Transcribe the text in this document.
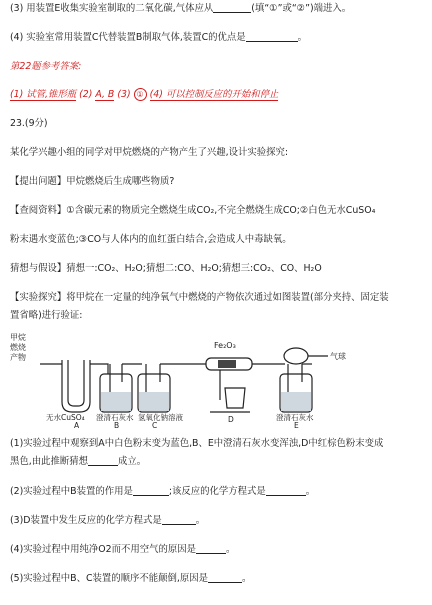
(3) 用装置E收集实验室制取的二氧化碳,气体应从	(填“①”或“②”)端进入。
(4) 实验室常用装置C代替装置B制取气体,装置C的优点是	。
第22题参考答案:
(1) 试管,锥形瓶 (2) A, B (3) ① (4) 可以控制反应的开始和停止
23.(9分)
某化学兴趣小组的同学对甲烷燃烧的产物产生了兴趣,设计实验探究:
【提出问题】甲烷燃烧后生成哪些物质?
【查阅资料】①含碳元素的物质完全燃烧生成CO₂,不完全燃烧生成CO;②白色无水CuSO₄
粉末遇水变蓝色;③CO与人体内的血红蛋白结合,会造成人中毒缺氧。
猜想与假设】猜想一:CO₂、H₂O;猜想二:CO、H₂O;猜想三:CO₂、CO、H₂O
【实验探究】将甲烷在一定量的纯净氧气中燃烧的产物依次通过如图装置(部分夹持、固定装
置省略)进行验证:
甲烷
燃烧
产物
Fe₂O₃
气球
无水CuSO₄ 澄清石灰水 氢氧化钠溶液	澄清石灰水
A	B	C
D
E
(1)实验过程中观察到A中白色粉末变为蓝色,B、E中澄清石灰水变浑浊,D中红棕色粉末变成
黑色,由此推断猜想	成立。
(2)实验过程中B装置的作用是	;该反应的化学方程式是	。
(3)D装置中发生反应的化学方程式是	。
(4)实验过程中用纯净O2而不用空气的原因是	。
(5)实验过程中B、C装置的顺序不能颠倒,原因是	。
